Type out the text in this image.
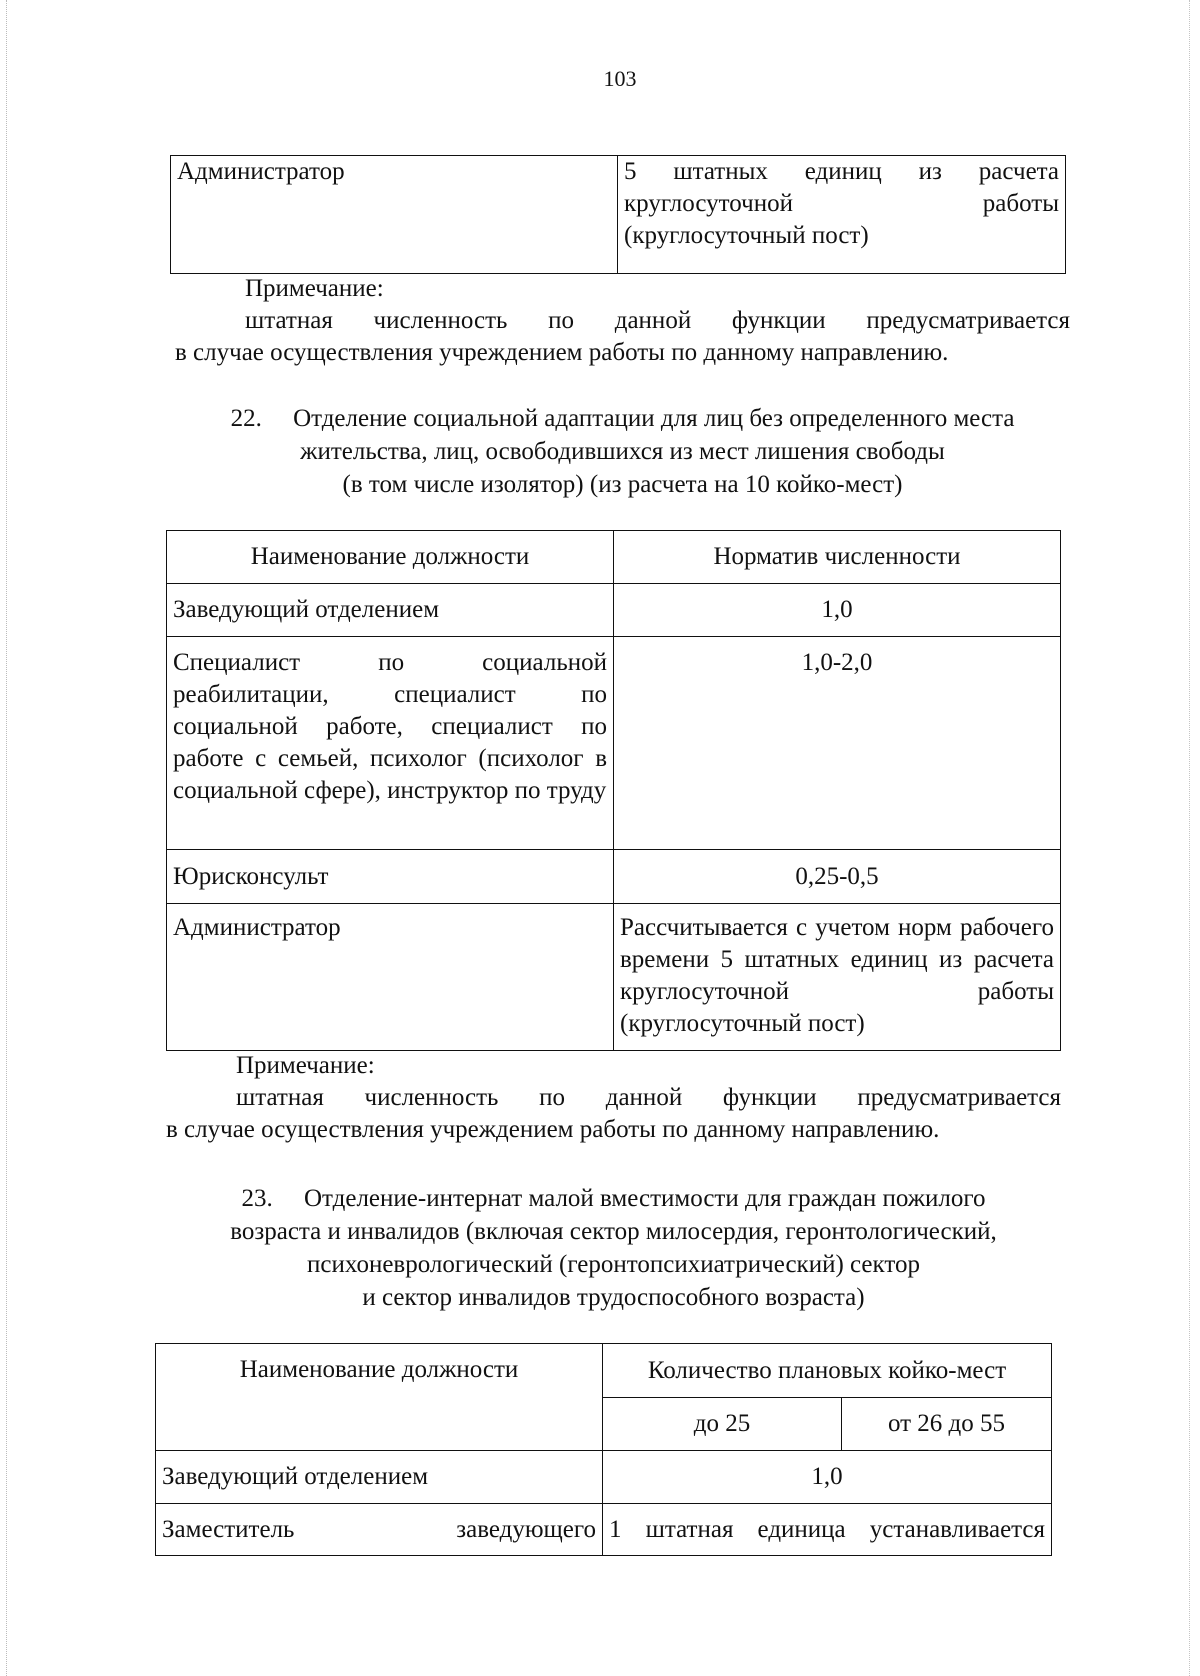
103
Администратор	5 штатных единиц из расчета
круглосуточной работы
(круглосуточный пост)
Примечание:
штатная численность по данной функции предусматривается
в случае осуществления учреждением работы по данному направлению.
22. Отделение социальной адаптации для лиц без определенного места
жительства, лиц, освободившихся из мест лишения свободы
(в том числе изолятор) (из расчета на 10 койко-мест)
Наименование должности	Норматив численности
Заведующий отделением	1,0
Специалист по социальной реабилитации, специалист по социальной работе, специалист по работе с семьей, психолог (психолог в социальной сфере), инструктор по труду	1,0-2,0
Юрисконсульт	0,25-0,5
Администратор	Рассчитывается с учетом норм рабочего времени 5 штатных единиц из расчета круглосуточной работы (круглосуточный пост)
Примечание:
штатная численность по данной функции предусматривается
в случае осуществления учреждением работы по данному направлению.
23. Отделение-интернат малой вместимости для граждан пожилого
возраста и инвалидов (включая сектор милосердия, геронтологический,
психоневрологический (геронтопсихиатрический) сектор
и сектор инвалидов трудоспособного возраста)
Наименование должности	Количество плановых койко-мест	
	до 25	от 26 до 55
Заведующий отделением	1,0	
Заместитель заведующего	1 штатная единица устанавливается	
